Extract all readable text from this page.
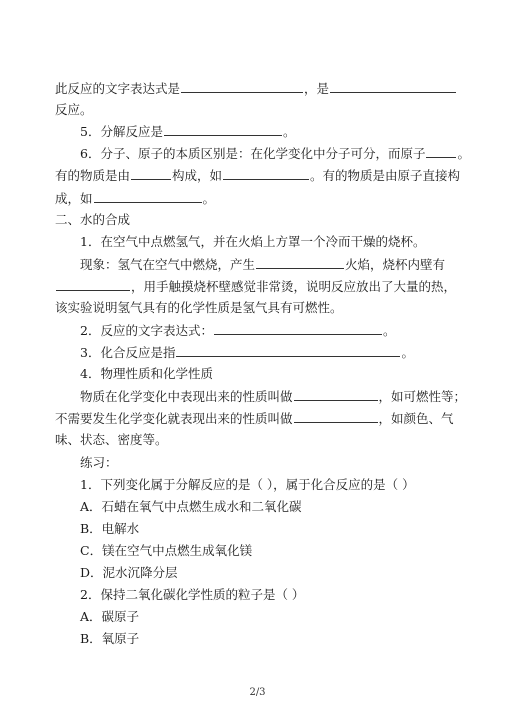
此反应的文字表达式是	，是
反应。
5．分解反应是	。
6．分子、原子的本质区别是：在化学变化中分子可分，而原子	。
有的物质是由	构成，如	。有的物质是由原子直接构
成，如	。
二、水的合成
1．在空气中点燃氢气，并在火焰上方罩一个冷而干燥的烧杯。
现象：氢气在空气中燃烧，产生	火焰，烧杯内壁有
，用手触摸烧杯壁感觉非常烫，说明反应放出了大量的热，
该实验说明氢气具有的化学性质是氢气具有可燃性。
2．反应的文字表达式：	。
3．化合反应是指	。
4．物理性质和化学性质
物质在化学变化中表现出来的性质叫做	，如可燃性等；
不需要发生化学变化就表现出来的性质叫做	，如颜色、气
味、状态、密度等。
练习：
1．下列变化属于分解反应的是（ ），属于化合反应的是（ ）
A．石蜡在氧气中点燃生成水和二氧化碳
B．电解水
C．镁在空气中点燃生成氧化镁
D．泥水沉降分层
2．保持二氧化碳化学性质的粒子是（ ）
A．碳原子
B．氧原子
2/3
